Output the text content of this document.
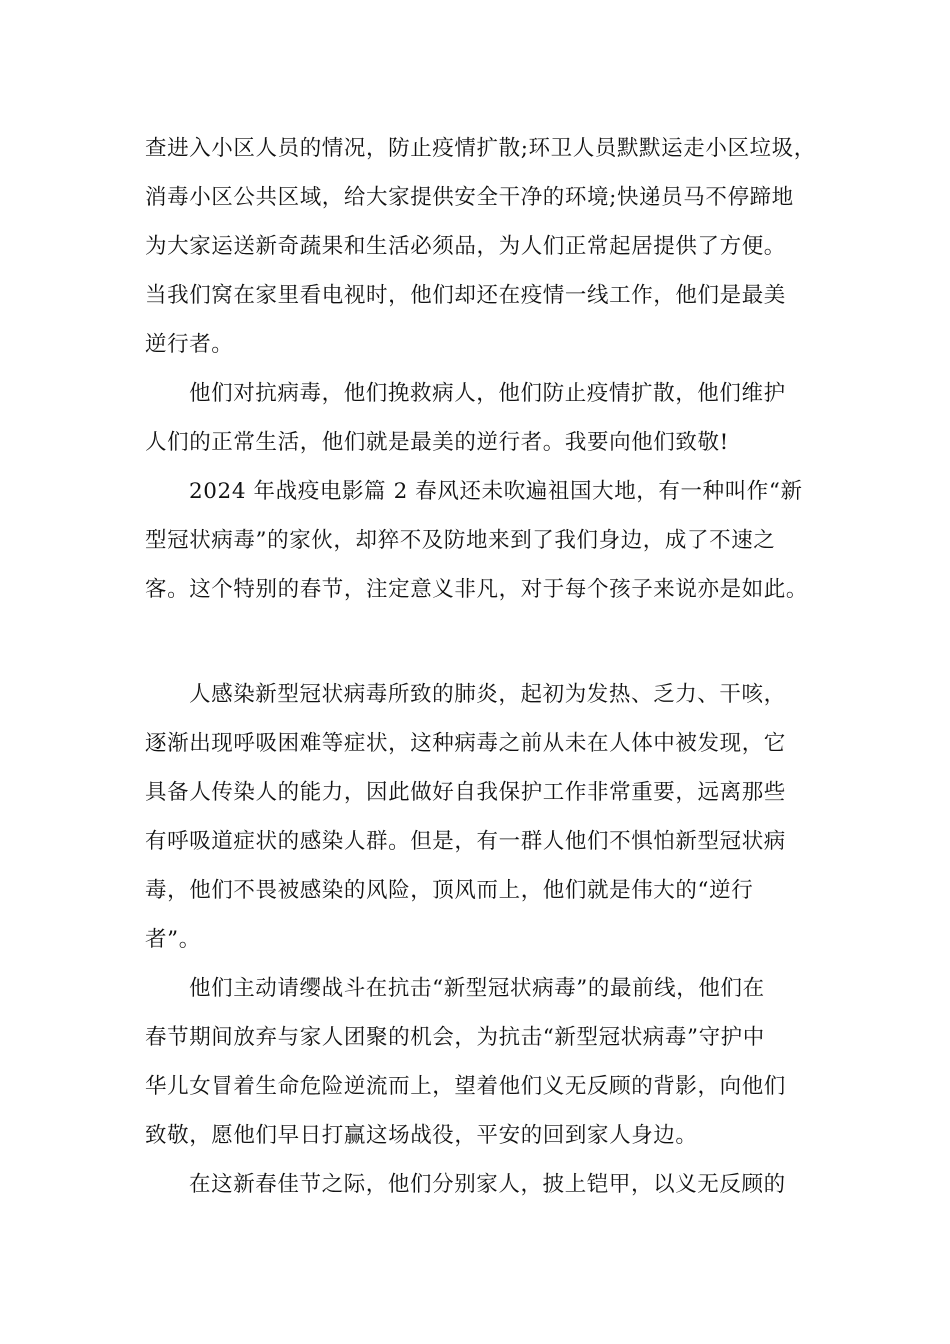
查进入小区人员的情况，防止疫情扩散;环卫人员默默运走小区垃圾，
消毒小区公共区域，给大家提供安全干净的环境;快递员马不停蹄地
为大家运送新奇蔬果和生活必须品，为人们正常起居提供了方便。
当我们窝在家里看电视时，他们却还在疫情一线工作，他们是最美
逆行者。
他们对抗病毒，他们挽救病人，他们防止疫情扩散，他们维护
人们的正常生活，他们就是最美的逆行者。我要向他们致敬!
2024 年战疫电影篇 2 春风还未吹遍祖国大地，有一种叫作“新
型冠状病毒”的家伙，却猝不及防地来到了我们身边，成了不速之
客。这个特别的春节，注定意义非凡，对于每个孩子来说亦是如此。
人感染新型冠状病毒所致的肺炎，起初为发热、乏力、干咳，
逐渐出现呼吸困难等症状，这种病毒之前从未在人体中被发现，它
具备人传染人的能力，因此做好自我保护工作非常重要，远离那些
有呼吸道症状的感染人群。但是，有一群人他们不惧怕新型冠状病
毒，他们不畏被感染的风险，顶风而上，他们就是伟大的“逆行
者”。
他们主动请缨战斗在抗击“新型冠状病毒”的最前线，他们在
春节期间放弃与家人团聚的机会，为抗击“新型冠状病毒”守护中
华儿女冒着生命危险逆流而上，望着他们义无反顾的背影，向他们
致敬，愿他们早日打赢这场战役，平安的回到家人身边。
在这新春佳节之际，他们分别家人，披上铠甲，以义无反顾的
